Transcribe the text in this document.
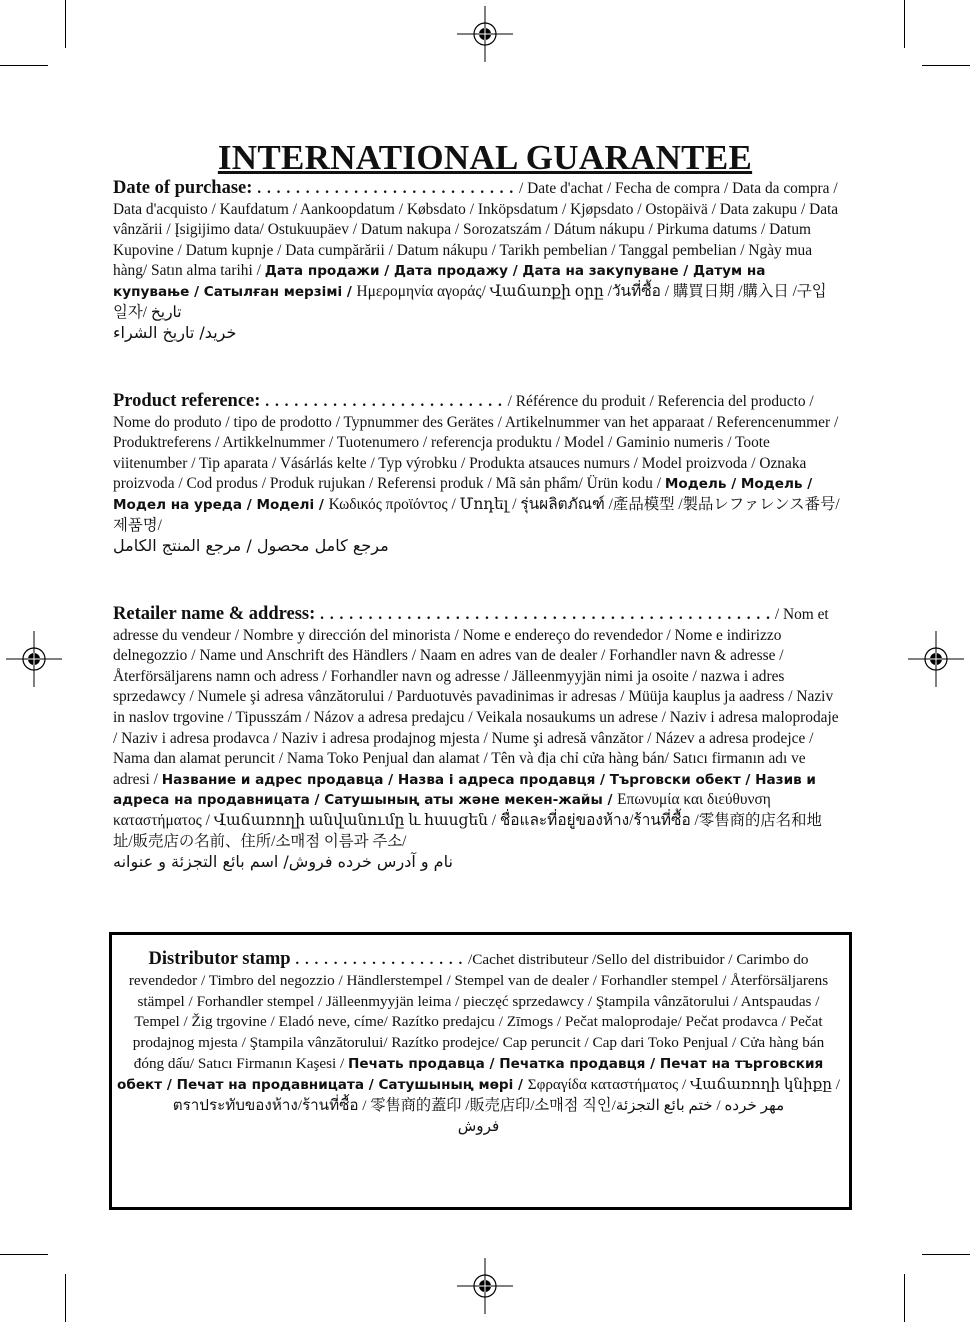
INTERNATIONAL GUARANTEE
Date of purchase: . . . . . . . . . . . . . . . . . . . . . . . . . . . / Date d'achat / Fecha de compra / Data da compra / Data d'acquisto / Kaufdatum / Aankoopdatum / Købsdato / Inköpsdatum / Kjøpsdato / Ostopäivä / Data zakupu / Data vânzării / Įsigijimo data/ Ostukuupäev / Datum nakupa / Sorozatszám / Dátum nákupu / Pirkuma datums / Datum Kupovine / Datum kupnje / Data cumpărării / Datum nákupu / Tarikh pembelian / Tanggal pembelian / Ngày mua hàng/ Satın alma tarihi / Дата продажи / Дата продажу / Дата на закупуване / Датум на купување / Сатылған мерзімі / Ημερομηνία αγοράς/ Վաճառքի օրը /วันที่ซื้อ / 購買日期 /購入日 /구입 일자/ تاريخ
خرید/ تاريخ الشراء
Product reference: . . . . . . . . . . . . . . . . . . . . . . . . . / Référence du produit / Referencia del producto / Nome do produto / tipo de prodotto / Typnummer des Gerätes / Artikelnummer van het apparaat / Referencenummer / Produktreferens / Artikkelnummer / Tuotenumero / referencja produktu / Model / Gaminio numeris / Toote viitenumber / Tip aparata / Vásárlás kelte / Typ výrobku / Produkta atsauces numurs / Model proizvoda / Oznaka proizvoda / Cod produs / Produk rujukan / Referensi produk / Mã sản phẩm/ Ürün kodu / Модель / Модель / Модел на уреда / Моделі / Κωδικός προϊόντος / Մոդել / รุ่นผลิตภัณฑ์ /產品模型 /製品レファレンス番号/제품명/
مرجع كامل محصول / مرجع المنتج الكامل
Retailer name & address: . . . . . . . . . . . . . . . . . . . . . . . . . . . . . . . . . . . . . . . . . . . . . . . / Nom et adresse du vendeur / Nombre y dirección del minorista / Nome e endereço do revendedor / Nome e indirizzo delnegozzio / Name und Anschrift des Händlers / Naam en adres van de dealer / Forhandler navn & adresse / Återförsäljarens namn och adress / Forhandler navn og adresse / Jälleenmyyjän nimi ja osoite / nazwa i adres sprzedawcy / Numele şi adresa vânzătorului / Parduotuvės pavadinimas ir adresas / Müüja kauplus ja aadress / Naziv in naslov trgovine / Tipusszám / Názov a adresa predajcu / Veikala nosaukums un adrese / Naziv i adresa maloprodaje / Naziv i adresa prodavca / Naziv i adresa prodajnog mjesta / Nume şi adresă vânzător / Název a adresa prodejce / Nama dan alamat peruncit / Nama Toko Penjual dan alamat / Tên và địa chỉ cửa hàng bán/ Satıcı firmanın adı ve adresi / Название и адрес продавца / Назва і адреса продавця / Търговски обект / Назив и адреса на продавницата / Сатушының аты және мекен-жайы / Επωνυμία και διεύθυνση καταστήματος / Վաճառողի անվանումը և հասցեն / ชื่อและที่อยู่ของห้าง/ร้านที่ซื้อ /零售商的店名和地址/販売店の名前、住所/소매점 이름과 주소/
نام و آدرس خرده فروش/ اسم بائع التجزئة و عنوانه
Distributor stamp . . . . . . . . . . . . . . . . . . /Cachet distributeur /Sello del distribuidor / Carimbo do revendedor / Timbro del negozzio / Händlerstempel / Stempel van de dealer / Forhandler stempel / Återförsäljarens stämpel / Forhandler stempel / Jälleenmyyjän leima / pieczęć sprzedawcy / Ştampila vânzătorului / Antspaudas / Tempel / Žig trgovine / Eladó neve, címe/ Razítko predajcu / Zīmogs / Pečat maloprodaje/ Pečat prodavca / Pečat prodajnog mjesta / Ştampila vânzătorului/ Razítko prodejce/ Cap peruncit / Cap dari Toko Penjual / Cửa hàng bán đóng dấu/ Satıcı Firmanın Kaşesi / Печать продавца / Печатка продавця / Печат на търговския обект / Печат на продавницата / Сатушының мөрі / Σφραγίδα καταστήματος / Վաճառողի կնիքը / ตราประทับของห้าง/ร้านที่ซื้อ / 零售商的蓋印 /販売店印/소매점 직인/مهر خرده / ختم بائع التجزئة
فروش
